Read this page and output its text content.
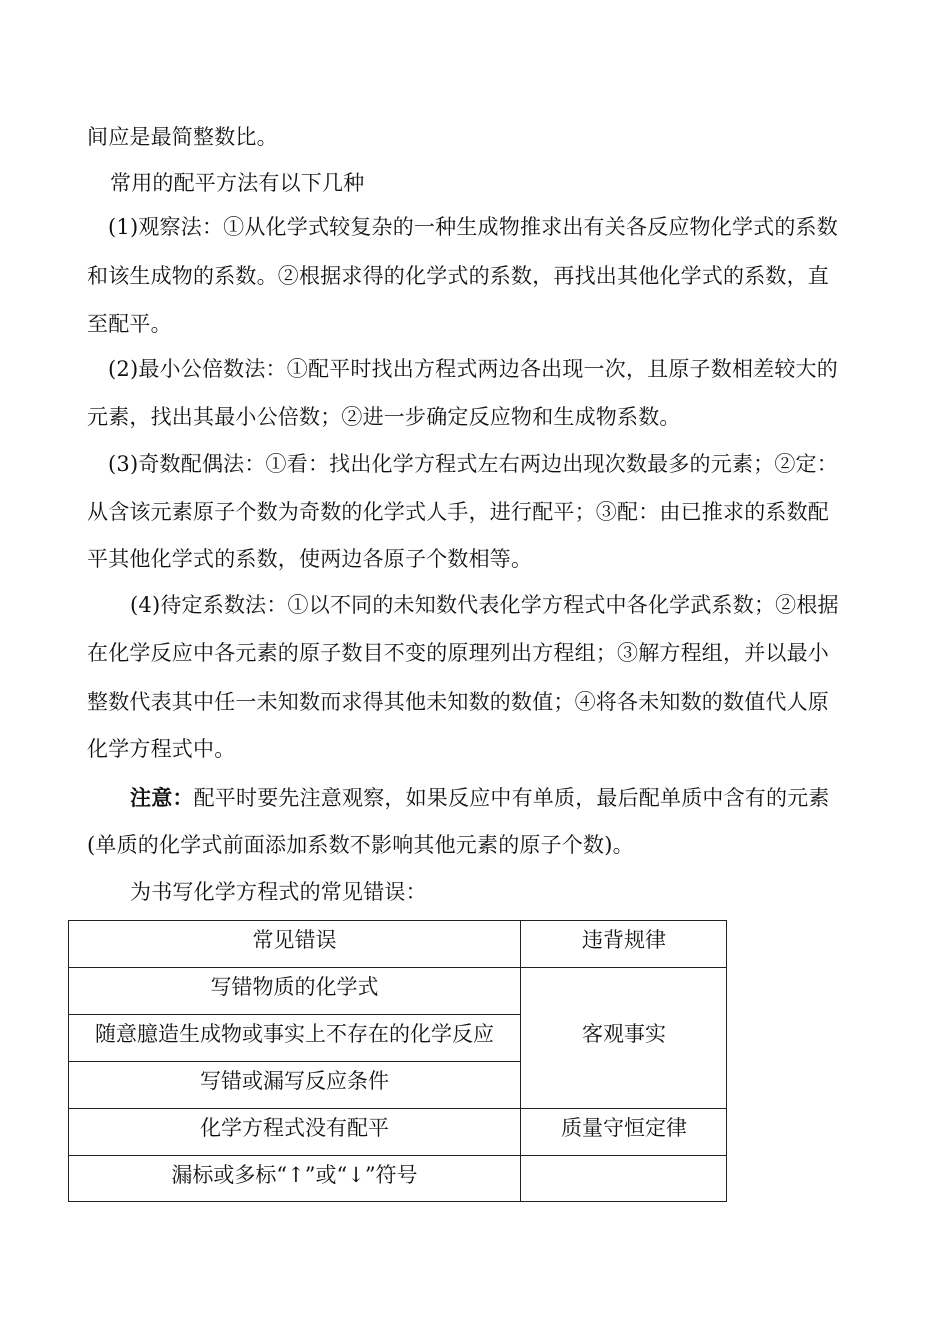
间应是最简整数比。
常用的配平方法有以下几种
(1)观察法：①从化学式较复杂的一种生成物推求出有关各反应物化学式的系数
和该生成物的系数。②根据求得的化学式的系数，再找出其他化学式的系数，直
至配平。
(2)最小公倍数法：①配平时找出方程式两边各出现一次，且原子数相差较大的
元素，找出其最小公倍数；②进一步确定反应物和生成物系数。
(3)奇数配偶法：①看：找出化学方程式左右两边出现次数最多的元素；②定：
从含该元素原子个数为奇数的化学式人手，进行配平；③配：由已推求的系数配
平其他化学式的系数，使两边各原子个数相等。
(4)待定系数法：①以不同的未知数代表化学方程式中各化学武系数；②根据
在化学反应中各元素的原子数目不变的原理列出方程组；③解方程组，并以最小
整数代表其中任一未知数而求得其他未知数的数值；④将各未知数的数值代人原
化学方程式中。
注意：配平时要先注意观察，如果反应中有单质，最后配单质中含有的元素
(单质的化学式前面添加系数不影响其他元素的原子个数)。
为书写化学方程式的常见错误：
常见错误	违背规律
写错物质的化学式
随意臆造生成物或事实上不存在的化学反应
写错或漏写反应条件
化学方程式没有配平
漏标或多标“↑”或“↓”符号
客观事实
质量守恒定律
